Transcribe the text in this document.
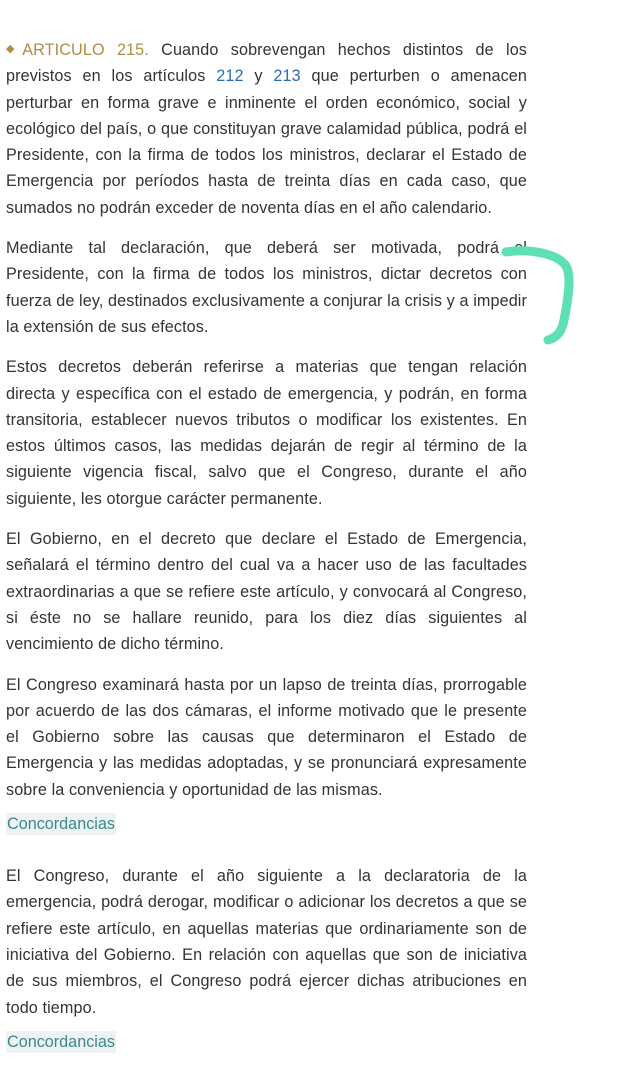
◆ARTICULO 215. Cuando sobrevengan hechos distintos de los previstos en los artículos 212 y 213 que perturben o amenacen perturbar en forma grave e inminente el orden económico, social y ecológico del país, o que constituyan grave calamidad pública, podrá el Presidente, con la firma de todos los ministros, declarar el Estado de Emergencia por períodos hasta de treinta días en cada caso, que sumados no podrán exceder de noventa días en el año calendario.

Mediante tal declaración, que deberá ser motivada, podrá el Presidente, con la firma de todos los ministros, dictar decretos con fuerza de ley, destinados exclusivamente a conjurar la crisis y a impedir la extensión de sus efectos.

Estos decretos deberán referirse a materias que tengan relación directa y específica con el estado de emergencia, y podrán, en forma transitoria, establecer nuevos tributos o modificar los existentes. En estos últimos casos, las medidas dejarán de regir al término de la siguiente vigencia fiscal, salvo que el Congreso, durante el año siguiente, les otorgue carácter permanente.

El Gobierno, en el decreto que declare el Estado de Emergencia, señalará el término dentro del cual va a hacer uso de las facultades extraordinarias a que se refiere este artículo, y convocará al Congreso, si éste no se hallare reunido, para los diez días siguientes al vencimiento de dicho término.

El Congreso examinará hasta por un lapso de treinta días, prorrogable por acuerdo de las dos cámaras, el informe motivado que le presente el Gobierno sobre las causas que determinaron el Estado de Emergencia y las medidas adoptadas, y se pronunciará expresamente sobre la conveniencia y oportunidad de las mismas.

Concordancias

El Congreso, durante el año siguiente a la declaratoria de la emergencia, podrá derogar, modificar o adicionar los decretos a que se refiere este artículo, en aquellas materias que ordinariamente son de iniciativa del Gobierno. En relación con aquellas que son de iniciativa de sus miembros, el Congreso podrá ejercer dichas atribuciones en todo tiempo.

Concordancias
